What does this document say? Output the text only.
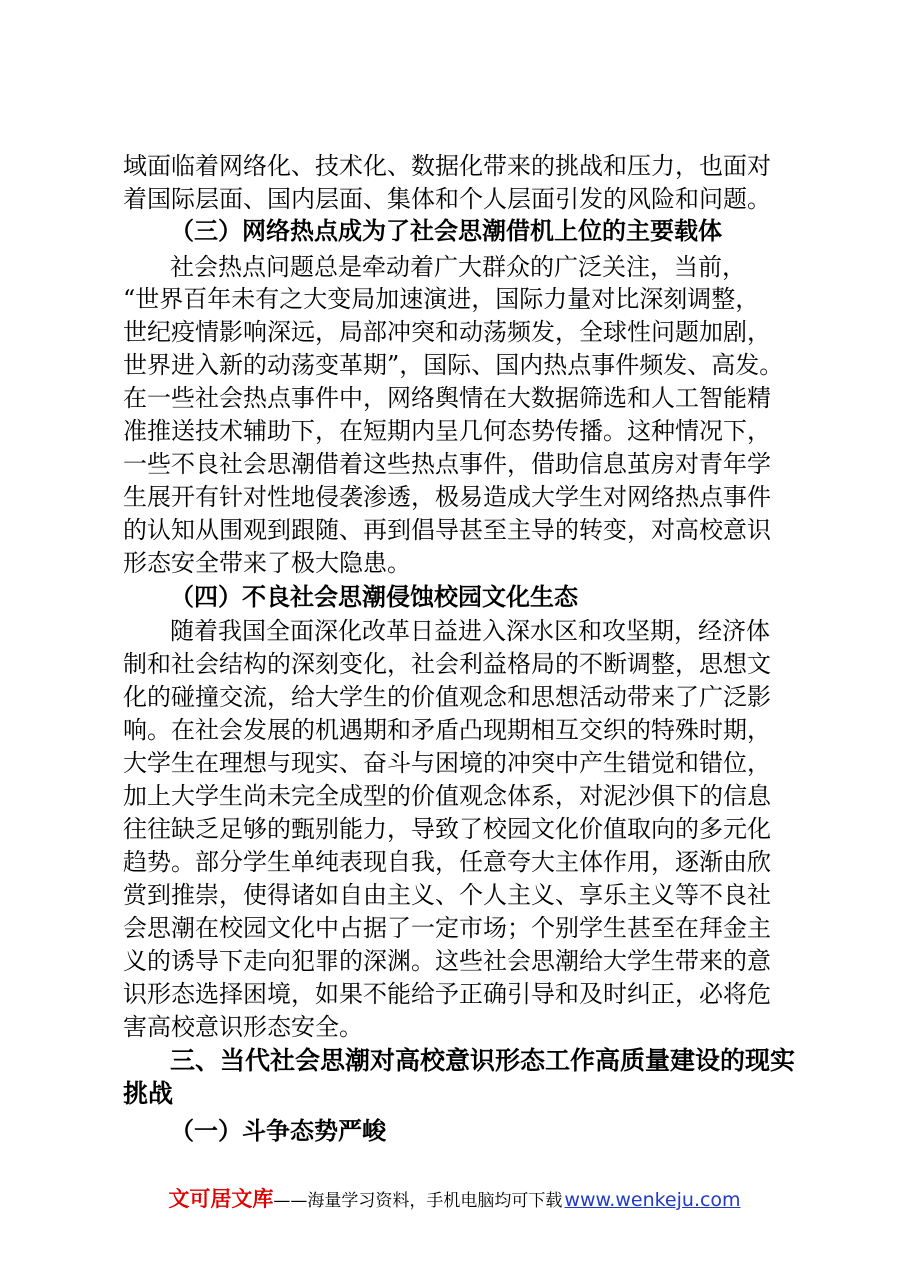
域面临着网络化、技术化、数据化带来的挑战和压力，也面对
着国际层面、国内层面、集体和个人层面引发的风险和问题。
（三）网络热点成为了社会思潮借机上位的主要载体
社会热点问题总是牵动着广大群众的广泛关注，当前，
“世界百年未有之大变局加速演进，国际力量对比深刻调整，
世纪疫情影响深远，局部冲突和动荡频发，全球性问题加剧，
世界进入新的动荡变革期”，国际、国内热点事件频发、高发。
在一些社会热点事件中，网络舆情在大数据筛选和人工智能精
准推送技术辅助下，在短期内呈几何态势传播。这种情况下，
一些不良社会思潮借着这些热点事件，借助信息茧房对青年学
生展开有针对性地侵袭渗透，极易造成大学生对网络热点事件
的认知从围观到跟随、再到倡导甚至主导的转变，对高校意识
形态安全带来了极大隐患。
（四）不良社会思潮侵蚀校园文化生态
随着我国全面深化改革日益进入深水区和攻坚期，经济体
制和社会结构的深刻变化，社会利益格局的不断调整，思想文
化的碰撞交流，给大学生的价值观念和思想活动带来了广泛影
响。在社会发展的机遇期和矛盾凸现期相互交织的特殊时期，
大学生在理想与现实、奋斗与困境的冲突中产生错觉和错位，
加上大学生尚未完全成型的价值观念体系，对泥沙俱下的信息
往往缺乏足够的甄别能力，导致了校园文化价值取向的多元化
趋势。部分学生单纯表现自我，任意夸大主体作用，逐渐由欣
赏到推崇，使得诸如自由主义、个人主义、享乐主义等不良社
会思潮在校园文化中占据了一定市场；个别学生甚至在拜金主
义的诱导下走向犯罪的深渊。这些社会思潮给大学生带来的意
识形态选择困境，如果不能给予正确引导和及时纠正，必将危
害高校意识形态安全。
三、当代社会思潮对高校意识形态工作高质量建设的现实
挑战
（一）斗争态势严峻
文可居文库 ——海量学习资料，手机电脑均可下载 www.wenkeju.com
